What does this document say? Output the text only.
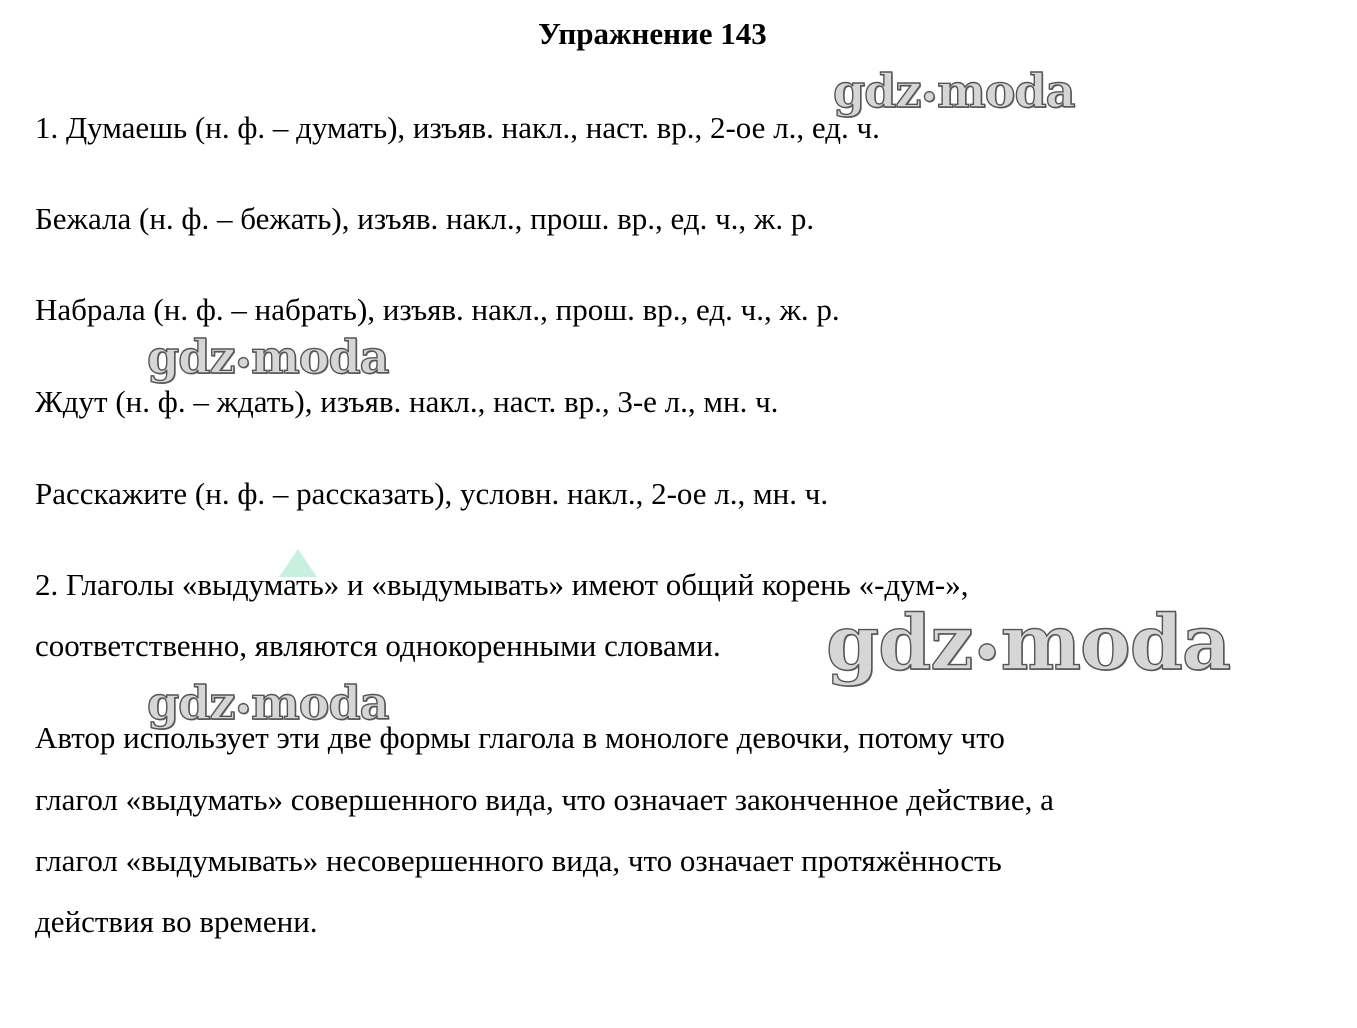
Упражнение 143
1. Думаешь (н. ф. – думать), изъяв. накл., наст. вр., 2-ое л., ед. ч.
Бежала (н. ф. – бежать), изъяв. накл., прош. вр., ед. ч., ж. р.
Набрала (н. ф. – набрать), изъяв. накл., прош. вр., ед. ч., ж. р.
Ждут (н. ф. – ждать), изъяв. накл., наст. вр., 3-е л., мн. ч.
Расскажите (н. ф. – рассказать), условн. накл., 2-ое л., мн. ч.
2. Глаголы «выдумать» и «выдумывать» имеют общий корень «-дум-»,
соответственно, являются однокоренными словами.
Автор использует эти две формы глагола в монологе девочки, потому что
глагол «выдумать» совершенного вида, что означает законченное действие, а
глагол «выдумывать» несовершенного вида, что означает протяжённость
действия во времени.
gdz•moda
gdz•moda
gdz•moda
gdz•moda
